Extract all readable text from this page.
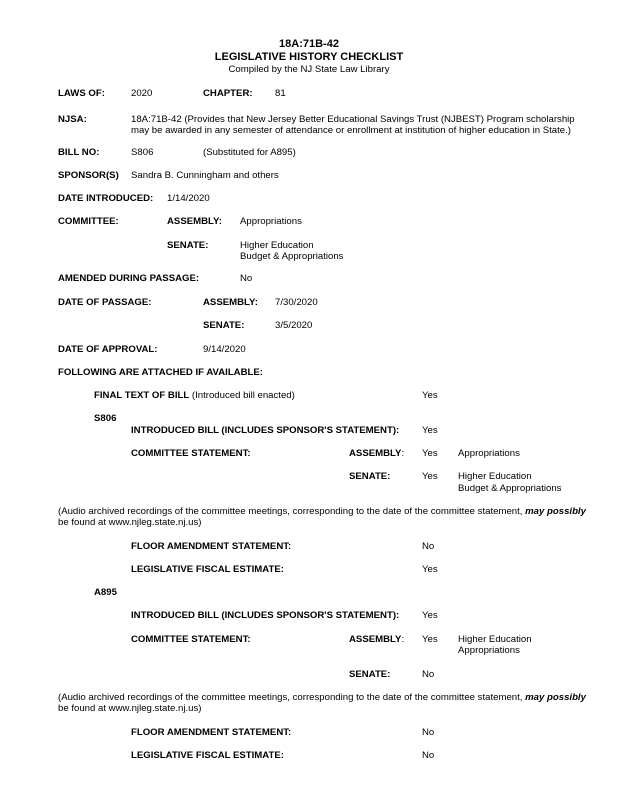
18A:71B-42
LEGISLATIVE HISTORY CHECKLIST
Compiled by the NJ State Law Library
LAWS OF:	2020	CHAPTER: 81
NJSA:	18A:71B-42 (Provides that New Jersey Better Educational Savings Trust (NJBEST) Program scholarship
may be awarded in any semester of attendance or enrollment at institution of higher education in State.)
BILL NO:	S806	(Substituted for A895)
SPONSOR(S) Sandra B. Cunningham and others
DATE INTRODUCED: 1/14/2020
COMMITTEE:	ASSEMBLY: Appropriations
SENATE:	Higher Education
Budget & Appropriations
AMENDED DURING PASSAGE:	No
DATE OF PASSAGE:	ASSEMBLY: 7/30/2020
SENATE:	3/5/2020
DATE OF APPROVAL:	9/14/2020
FOLLOWING ARE ATTACHED IF AVAILABLE:
FINAL TEXT OF BILL (Introduced bill enacted)	Yes
S806
INTRODUCED BILL (INCLUDES SPONSOR'S STATEMENT): Yes
COMMITTEE STATEMENT:	ASSEMBLY: Yes Appropriations
SENATE:	Yes Higher Education
Budget & Appropriations
(Audio archived recordings of the committee meetings, corresponding to the date of the committee statement, may possibly
be found at www.njleg.state.nj.us)
FLOOR AMENDMENT STATEMENT:	No
LEGISLATIVE FISCAL ESTIMATE:	Yes
A895
INTRODUCED BILL (INCLUDES SPONSOR'S STATEMENT): Yes
COMMITTEE STATEMENT:	ASSEMBLY: Yes Higher Education
Appropriations
SENATE:	No
(Audio archived recordings of the committee meetings, corresponding to the date of the committee statement, may possibly
be found at www.njleg.state.nj.us)
FLOOR AMENDMENT STATEMENT:	No
LEGISLATIVE FISCAL ESTIMATE:	No
